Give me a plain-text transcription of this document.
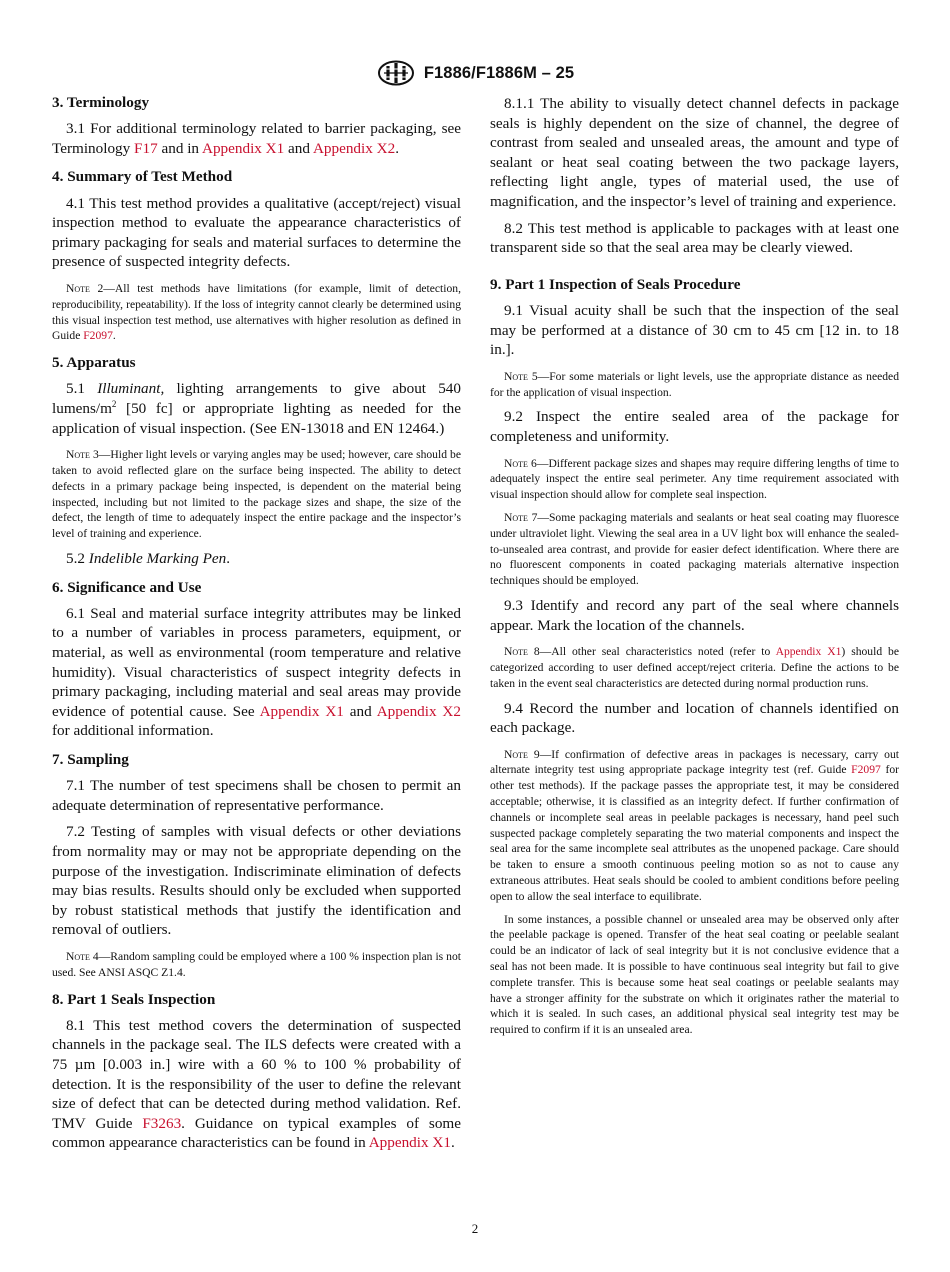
F1886/F1886M – 25
3. Terminology

3.1 For additional terminology related to barrier packaging, see Terminology F17 and in Appendix X1 and Appendix X2.

4. Summary of Test Method

4.1 This test method provides a qualitative (accept/reject) visual inspection method to evaluate the appearance characteristics of primary packaging for seals and material surfaces to determine the presence of suspected integrity defects.

Note 2—All test methods have limitations (for example, limit of detection, reproducibility, repeatability). If the loss of integrity cannot clearly be determined using this visual inspection test method, use alternatives with higher resolution as defined in Guide F2097.

5. Apparatus

5.1 Illuminant, lighting arrangements to give about 540 lumens/$m^2$ [50 fc] or appropriate lighting as needed for the application of visual inspection. (See EN-13018 and EN 12464.)

Note 3—Higher light levels or varying angles may be used; however, care should be taken to avoid reflected glare on the surface being inspected. The ability to detect defects in a primary package being inspected, is dependent on the material being inspected, including but not limited to the package sizes and shape, the size of the defect, the length of time to adequately inspect the entire package and the inspector’s level of training and experience.

5.2 Indelible Marking Pen.

6. Significance and Use

6.1 Seal and material surface integrity attributes may be linked to a number of variables in process parameters, equipment, or material, as well as environmental (room temperature and relative humidity). Visual characteristics of suspect integrity defects in primary packaging, including material and seal areas may provide evidence of potential cause. See Appendix X1 and Appendix X2 for additional information.

7. Sampling

7.1 The number of test specimens shall be chosen to permit an adequate determination of representative performance.

7.2 Testing of samples with visual defects or other deviations from normality may or may not be appropriate depending on the purpose of the investigation. Indiscriminate elimination of defects may bias results. Results should only be excluded when supported by robust statistical methods that justify the identification and removal of outliers.

Note 4—Random sampling could be employed where a 100 % inspection plan is not used. See ANSI ASQC Z1.4.

8. Part 1 Seals Inspection

8.1 This test method covers the determination of suspected channels in the package seal. The ILS defects were created with a 75 µm [0.003 in.] wire with a 60 % to 100 % probability of detection. It is the responsibility of the user to define the relevant size of defect that can be detected during method validation. Ref. TMV Guide F3263. Guidance on typical examples of some common appearance characteristics can be found in Appendix X1.

8.1.1 The ability to visually detect channel defects in package seals is highly dependent on the size of channel, the degree of contrast from sealed and unsealed areas, the amount and type of sealant or heat seal coating between the two package layers, reflecting light angle, types of material used, the use of magnification, and the inspector’s level of training and experience.

8.2 This test method is applicable to packages with at least one transparent side so that the seal area may be clearly viewed.

9. Part 1 Inspection of Seals Procedure

9.1 Visual acuity shall be such that the inspection of the seal may be performed at a distance of 30 cm to 45 cm [12 in. to 18 in.].

Note 5—For some materials or light levels, use the appropriate distance as needed for the application of visual inspection.

9.2 Inspect the entire sealed area of the package for completeness and uniformity.

Note 6—Different package sizes and shapes may require differing lengths of time to adequately inspect the entire seal perimeter. Any time requirement associated with visual inspection should allow for complete seal inspection.

Note 7—Some packaging materials and sealants or heat seal coating may fluoresce under ultraviolet light. Viewing the seal area in a UV light box will enhance the sealed-to-unsealed area contrast, and provide for easier defect identification. Where there are no fluorescent components in coated packaging materials alternative inspection techniques should be employed.

9.3 Identify and record any part of the seal where channels appear. Mark the location of the channels.

Note 8—All other seal characteristics noted (refer to Appendix X1) should be categorized according to user defined accept/reject criteria. Define the actions to be taken in the event seal characteristics are detected during normal production runs.

9.4 Record the number and location of channels identified on each package.

Note 9—If confirmation of defective areas in packages is necessary, carry out alternate integrity test using appropriate package integrity test (ref. Guide F2097 for other test methods). If the package passes the appropriate test, it may be considered acceptable; otherwise, it is classified as an integrity defect. If further confirmation of channels or incomplete seal areas in peelable packages is necessary, hand peel such suspected package completely separating the two material components and inspect the seal area for the same incomplete seal attributes as the unopened package. Care should be taken to ensure a smooth continuous peeling motion so as not to cause any extraneous attributes. Heat seals should be cooled to ambient conditions before peeling open to allow the seal interface to equilibrate.

In some instances, a possible channel or unsealed area may be observed only after the peelable package is opened. Transfer of the heat seal coating or peelable sealant could be an indicator of lack of seal integrity but it is not conclusive evidence that a seal has not been made. It is possible to have continuous seal integrity but fail to give complete transfer. This is because some heat seal coatings or peelable sealants may have a stronger affinity for the substrate on which it originates rather the material to which it is sealed. In such cases, an additional physical seal integrity test may be required to confirm if it is an unsealed area.

2
